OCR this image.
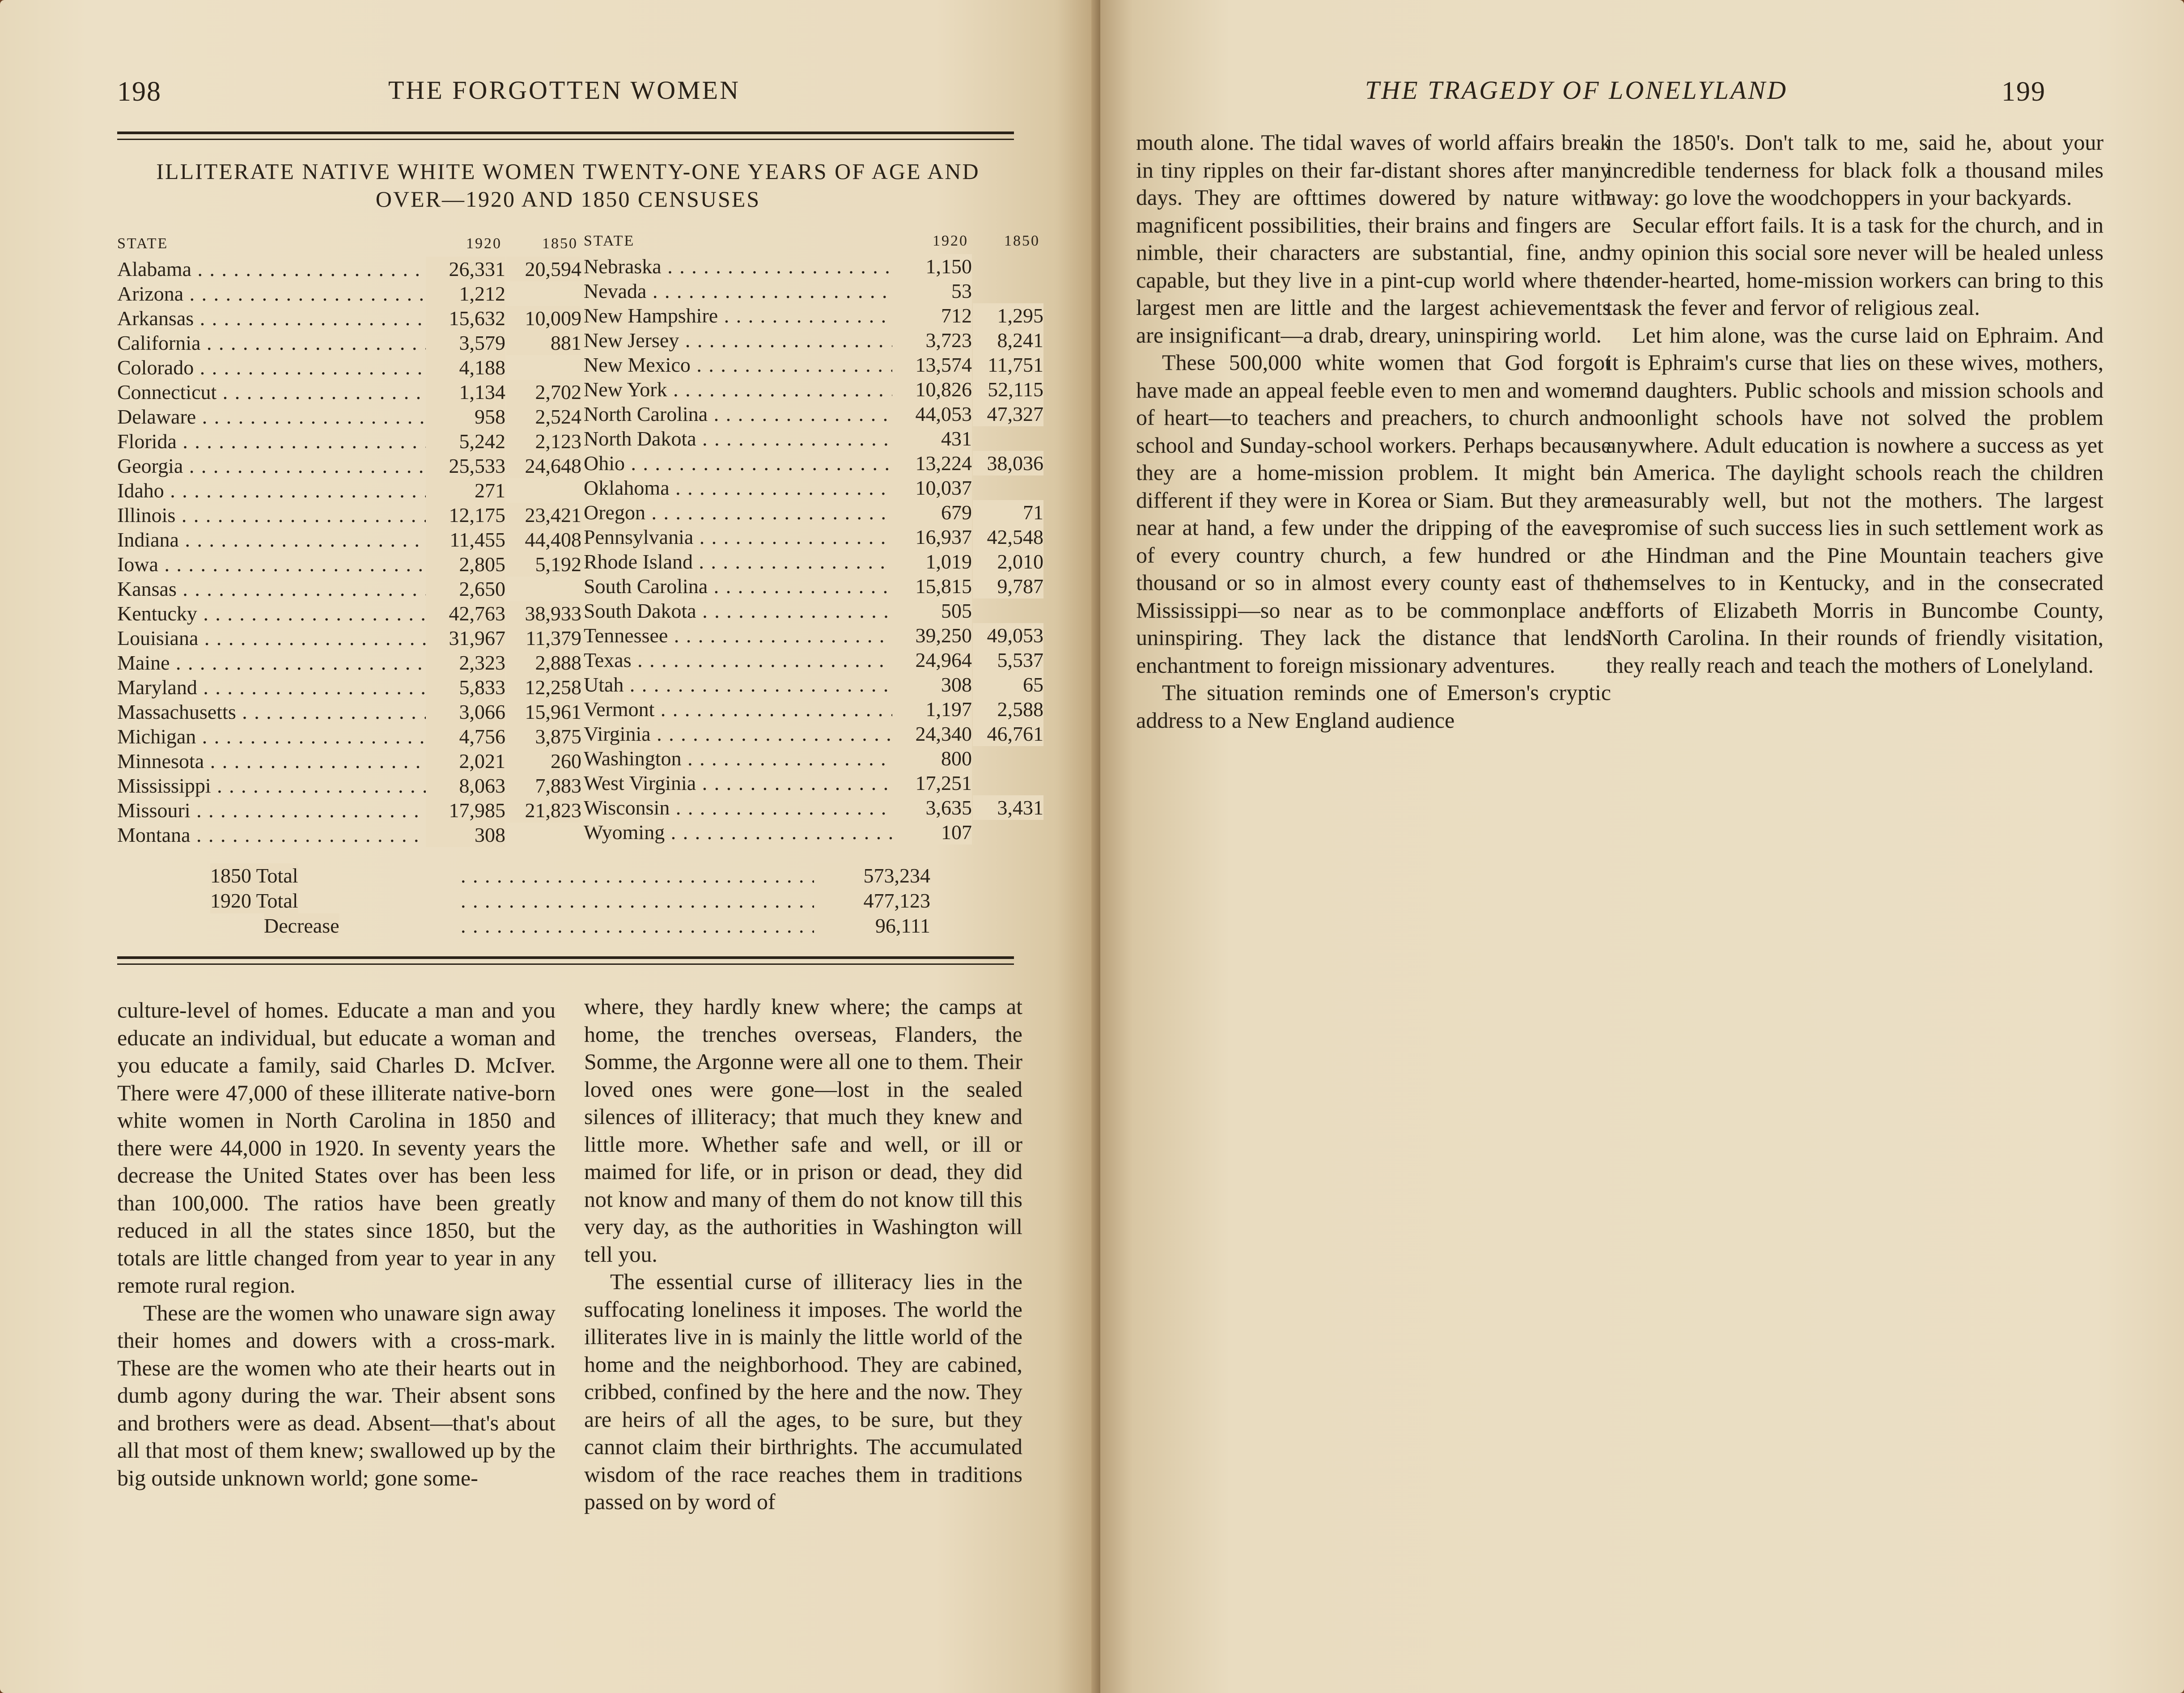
198	THE FORGOTTEN WOMEN
ILLITERATE NATIVE WHITE WOMEN TWENTY-ONE YEARS OF AGE AND
OVER—1920 AND 1850 CENSUSES
STATE	1920	1850
Alabama . . .	26,331 20,594
Arizona . . .	1,212
Arkansas . . .	15,632 10,009
California . . .	3,579	881
Colorado . . .	4,188
Connecticut . . .	1,134	2,702
Delaware . . .	958	2,524
Florida . . .	5,242	2,123
Georgia . . .	25,533 24,648
Idaho . . .	271
Illinois . . .	12,175 23,421
Indiana . . .	11,455 44,408
Iowa . . .	2,805	5,192
Kansas . . .	2,650
Kentucky . . .	42,763 38,933
Louisiana . . .	31,967 11,379
Maine . . .	2,323	2,888
Maryland . . .	5,833 12,258
Massachusetts . . .	3,066 15,961
Michigan . . .	4,756	3,875
Minnesota . . .	2,021	260
Mississippi . . .	8,063	7,883
Missouri . . .	17,985 21,823
Montana . . .	308
STATE	1920	1850
Nebraska . . .	1,150
Nevada . . .	53
New Hampshire . . .	712	1,295
New Jersey . . .	3,723	8,241
New Mexico . . .	13,574 11,751
New York . . .	10,826 52,115
North Carolina . . .	44,053 47,327
North Dakota . . .	431
Ohio . . .	13,224 38,036
Oklahoma . . .	10,037
Oregon . . .	679	71
Pennsylvania . . .	16,937 42,548
Rhode Island . . .	1,019	2,010
South Carolina . . .	15,815	9,787
South Dakota . . .	505
Tennessee . . .	39,250 49,053
Texas . . .	24,964	5,537
Utah . . .	308	65
Vermont . . .	1,197	2,588
Virginia . . .	24,340 46,761
Washington . . .	800
West Virginia . . .	17,251
Wisconsin . . .	3,635	3,431
Wyoming . . .	107
. . .
1850 Total	573,234
. . .
1920 Total	477,123
. . .
Decrease	96,111

culture-level of homes. Educate a man and you educate an individual, but educate a woman and you educate a family, said Charles D. McIver. There were 47,000 of these illiterate native-born white women in North Carolina in 1850 and there were 44,000 in 1920. In seventy years the decrease the United States over has been less than 100,000. The ratios have been greatly reduced in all the states since 1850, but the totals are little changed from year to year in any remote rural region.

These are the women who unaware sign away their homes and dowers with a cross-mark. These are the women who ate their hearts out in dumb agony during the war. Their absent sons and brothers were as dead. Absent—that's about all that most of them knew; swallowed up by the big outside unknown world; gone some-

where, they hardly knew where; the camps at home, the trenches overseas, Flanders, the Somme, the Argonne were all one to them. Their loved ones were gone—lost in the sealed silences of illiteracy; that much they knew and little more. Whether safe and well, or ill or maimed for life, or in prison or dead, they did not know and many of them do not know till this very day, as the authorities in Washington will tell you.

The essential curse of illiteracy lies in the suffocating loneliness it imposes. The world the illiterates live in is mainly the little world of the home and the neighborhood. They are cabined, cribbed, confined by the here and the now. They are heirs of all the ages, to be sure, but they cannot claim their birthrights. The accumulated wisdom of the race reaches them in traditions passed on by word of

THE TRAGEDY OF LONELYLAND	199

mouth alone. The tidal waves of world affairs break in tiny ripples on their far-distant shores after many days. They are ofttimes dowered by nature with magnificent possibilities, their brains and fingers are nimble, their characters are substantial, fine, and capable, but they live in a pint-cup world where the largest men are little and the largest achievements are insignificant—a drab, dreary, uninspiring world.

These 500,000 white women that God forgot have made an appeal feeble even to men and women of heart—to teachers and preachers, to church and school and Sunday-school workers. Perhaps because they are a home-mission problem. It might be different if they were in Korea or Siam. But they are near at hand, a few under the dripping of the eaves of every country church, a few hundred or a thousand or so in almost every county east of the Mississippi—so near as to be commonplace and uninspiring. They lack the distance that lends enchantment to foreign missionary adventures.

The situation reminds one of Emerson's cryptic address to a New England audience

in the 1850's. Don't talk to me, said he, about your incredible tenderness for black folk a thousand miles away: go love the woodchoppers in your backyards.

Secular effort fails. It is a task for the church, and in my opinion this social sore never will be healed unless tender-hearted, home-mission workers can bring to this task the fever and fervor of religious zeal.

Let him alone, was the curse laid on Ephraim. And it is Ephraim's curse that lies on these wives, mothers, and daughters. Public schools and mission schools and moonlight schools have not solved the problem anywhere. Adult education is nowhere a success as yet in America. The daylight schools reach the children measurably well, but not the mothers. The largest promise of such success lies in such settlement work as the Hindman and the Pine Mountain teachers give themselves to in Kentucky, and in the consecrated efforts of Elizabeth Morris in Buncombe County, North Carolina. In their rounds of friendly visitation, they really reach and teach the mothers of Lonelyland.
